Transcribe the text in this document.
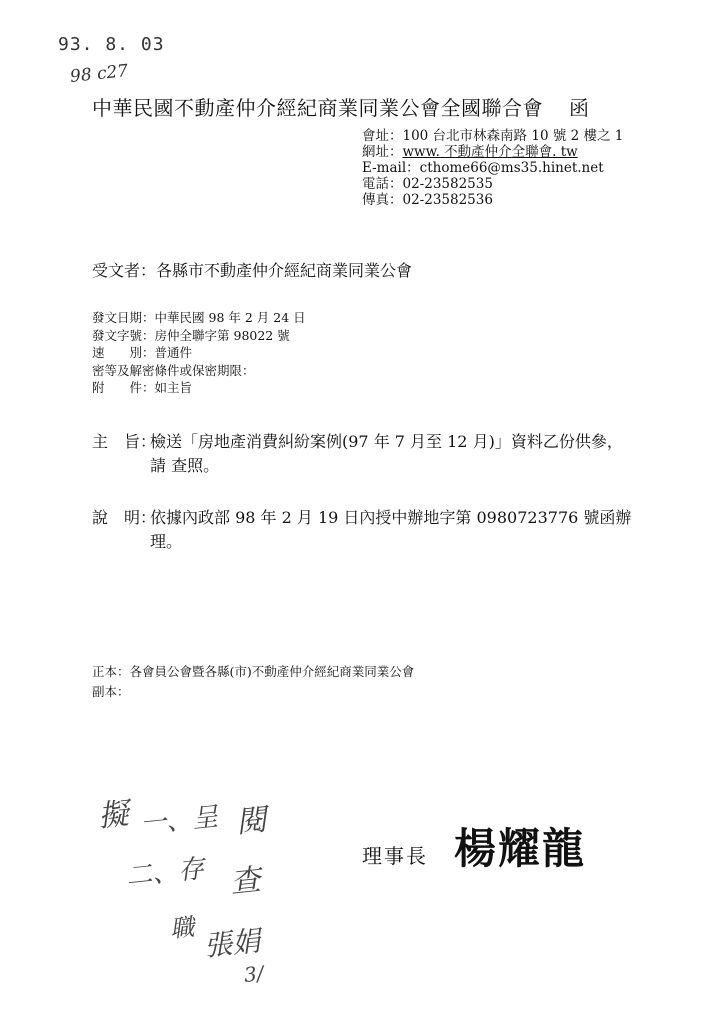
93. 8. 03
98 c27
中華民國不動產仲介經紀商業同業公會全國聯合會 函
會址：100 台北市林森南路 10 號 2 樓之 1
網址：www. 不動產仲介全聯會. tw
E-mail：cthome66@ms35.hinet.net
電話：02-23582535
傳真：02-23582536
受文者：各縣市不動產仲介經紀商業同業公會
發文日期：中華民國 98 年 2 月 24 日
發文字號：房仲全聯字第 98022 號
速　　別：普通件
密等及解密條件或保密期限：
附　　件：如主旨
主　旨：檢送「房地產消費糾紛案例(97 年 7 月至 12 月)」資料乙份供參，
請 查照。
說　明：依據內政部 98 年 2 月 19 日內授中辦地字第 0980723776 號函辦
理。
正本：各會員公會暨各縣(市)不動產仲介經紀商業同業公會
副本：
擬 一、呈 閱
二、存 查
職 張娟
3/
理事長 楊耀龍
